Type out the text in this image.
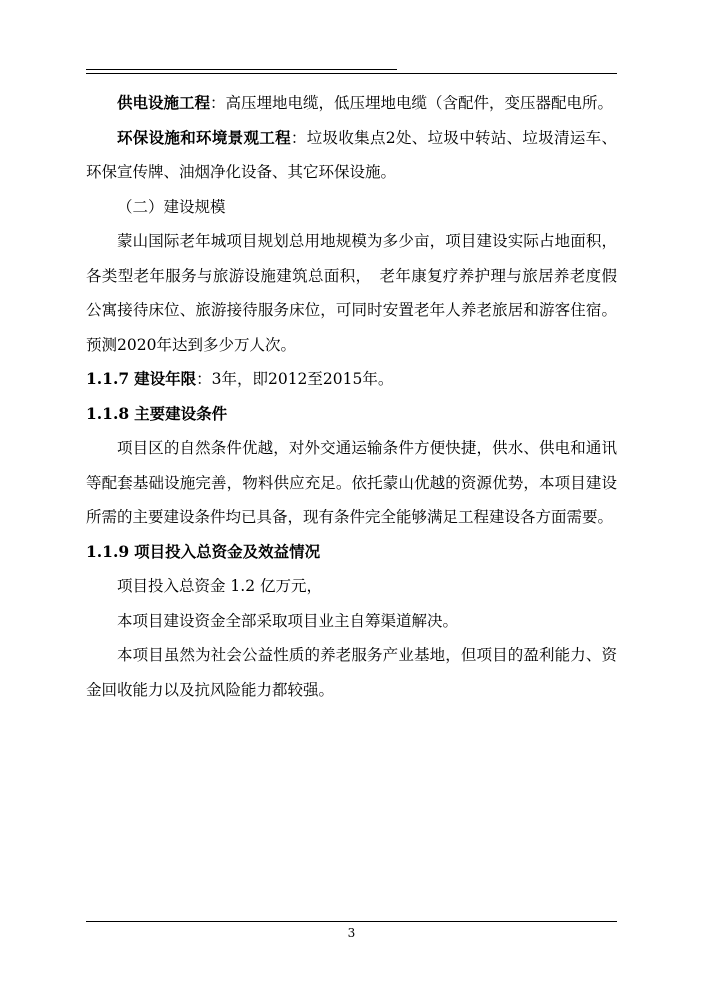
供电设施工程：高压埋地电缆，低压埋地电缆（含配件，变压器配电所。

环保设施和环境景观工程：垃圾收集点2处、垃圾中转站、垃圾清运车、环保宣传牌、油烟净化设备、其它环保设施。

（二）建设规模

蒙山国际老年城项目规划总用地规模为多少亩，项目建设实际占地面积，各类型老年服务与旅游设施建筑总面积，　老年康复疗养护理与旅居养老度假公寓接待床位、旅游接待服务床位，可同时安置老年人养老旅居和游客住宿。预测2020年达到多少万人次。

1.1.7 建设年限：3年，即2012至2015年。
1.1.8 主要建设条件

项目区的自然条件优越，对外交通运输条件方便快捷，供水、供电和通讯等配套基础设施完善，物料供应充足。依托蒙山优越的资源优势，本项目建设所需的主要建设条件均已具备，现有条件完全能够满足工程建设各方面需要。

1.1.9 项目投入总资金及效益情况

项目投入总资金 1.2 亿万元，

本项目建设资金全部采取项目业主自筹渠道解决。

本项目虽然为社会公益性质的养老服务产业基地，但项目的盈利能力、资金回收能力以及抗风险能力都较强。

3
